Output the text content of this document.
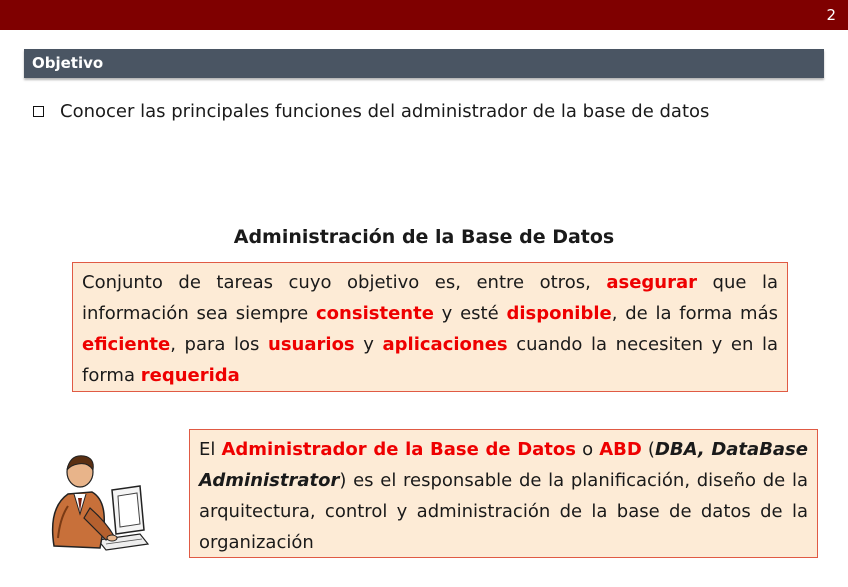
2
Objetivo
Conocer las principales funciones del administrador de la base de datos
Administración de la Base de Datos
Conjunto de tareas cuyo objetivo es, entre otros, asegurar que la información sea siempre consistente y esté disponible, de la forma más eficiente, para los usuarios y aplicaciones cuando la necesiten y en la forma requerida
El Administrador de la Base de Datos o ABD (DBA, DataBase Administrator) es el responsable de la planificación, diseño de la arquitectura, control y administración de la base de datos de la organización
